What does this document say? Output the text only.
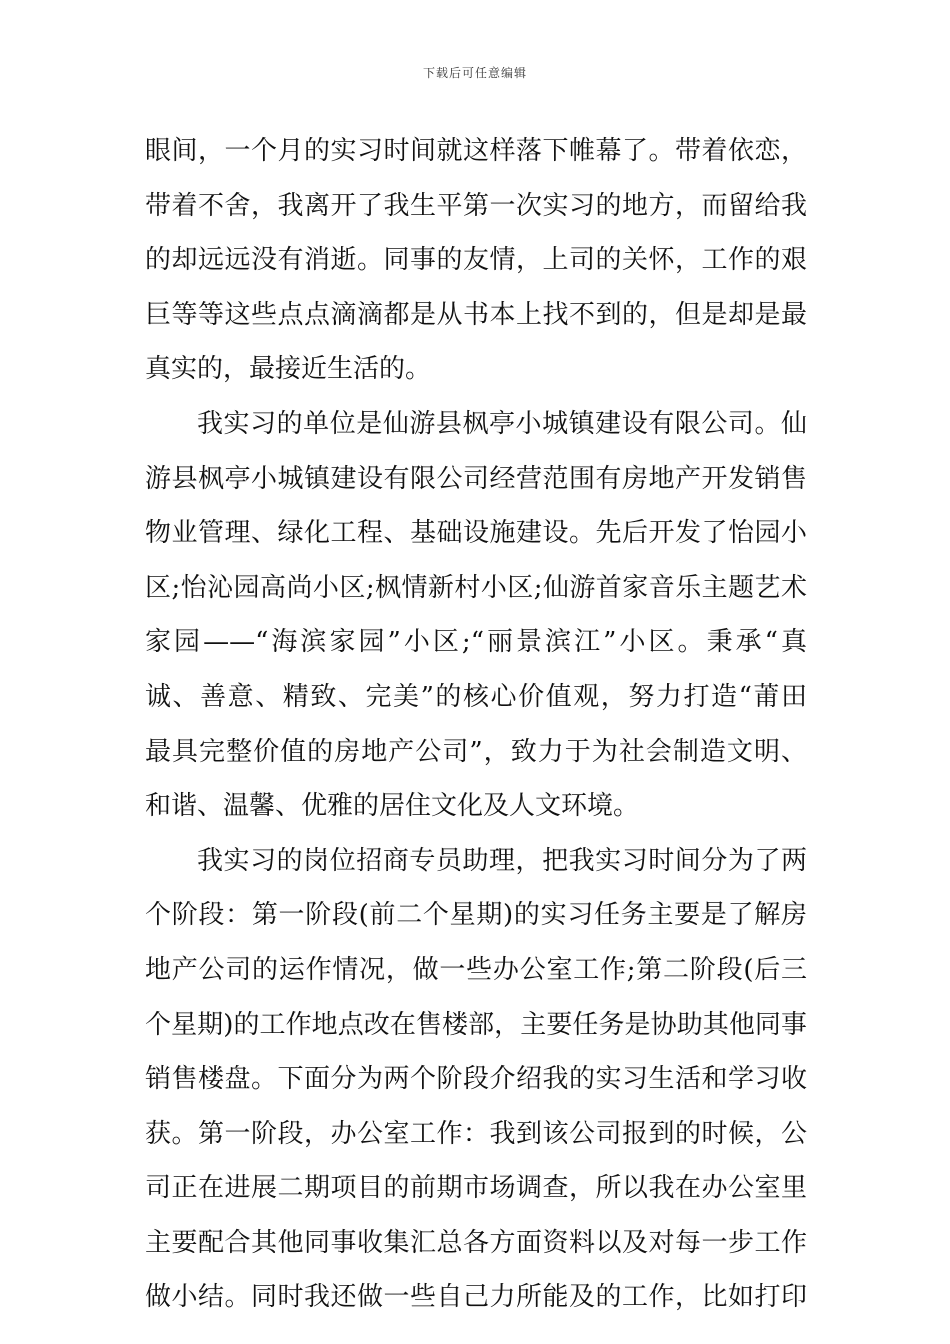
下载后可任意编辑
眼间，一个月的实习时间就这样落下帷幕了。带着依恋，
带着不舍，我离开了我生平第一次实习的地方，而留给我
的却远远没有消逝。同事的友情，上司的关怀，工作的艰
巨等等这些点点滴滴都是从书本上找不到的，但是却是最
真实的，最接近生活的。
我实习的单位是仙游县枫亭小城镇建设有限公司。仙
游县枫亭小城镇建设有限公司经营范围有房地产开发销售
物业管理、绿化工程、基础设施建设。先后开发了怡园小
区;怡沁园高尚小区;枫情新村小区;仙游首家音乐主题艺术
家园——“海滨家园”小区;“丽景滨江”小区。秉承“真
诚、善意、精致、完美”的核心价值观，努力打造“莆田
最具完整价值的房地产公司”，致力于为社会制造文明、
和谐、温馨、优雅的居住文化及人文环境。
我实习的岗位招商专员助理，把我实习时间分为了两
个阶段：第一阶段(前二个星期)的实习任务主要是了解房
地产公司的运作情况，做一些办公室工作;第二阶段(后三
个星期)的工作地点改在售楼部，主要任务是协助其他同事
销售楼盘。下面分为两个阶段介绍我的实习生活和学习收
获。第一阶段，办公室工作：我到该公司报到的时候，公
司正在进展二期项目的前期市场调查，所以我在办公室里
主要配合其他同事收集汇总各方面资料以及对每一步工作
做小结。同时我还做一些自己力所能及的工作，比如打印
